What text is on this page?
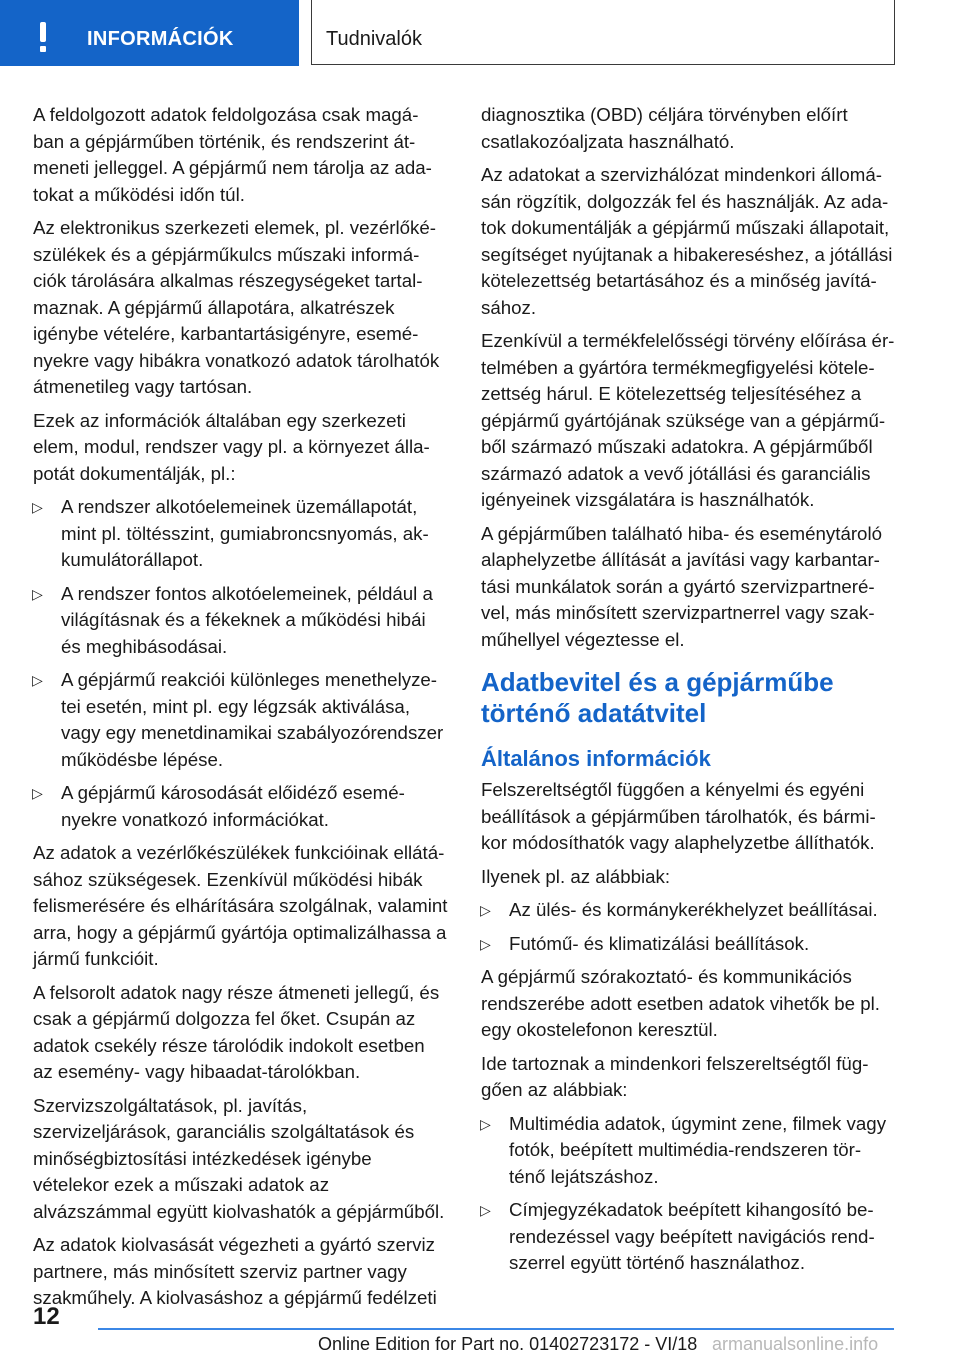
INFORMÁCIÓK	Tudnivalók

A feldolgozott adatok feldolgozása csak magá-ban a gépjárműben történik, és rendszerint át-meneti jelleggel. A gépjármű nem tárolja az ada-tokat a működési időn túl.

Az elektronikus szerkezeti elemek, pl. vezérlőké-szülékek és a gépjárműkulcs műszaki informá-ciók tárolására alkalmas részegységeket tartal-maznak. A gépjármű állapotára, alkatrészek igénybe vételére, karbantartásigényre, esemé-nyekre vagy hibákra vonatkozó adatok tárolhatók átmenetileg vagy tartósan.

Ezek az információk általában egy szerkezeti elem, modul, rendszer vagy pl. a környezet álla-potát dokumentálják, pl.:

▷ A rendszer alkotóelemeinek üzemállapotát, mint pl. töltésszint, gumiabroncsnyomás, ak-kumulátorállapot.
▷ A rendszer fontos alkotóelemeinek, például a világításnak és a fékeknek a működési hibái és meghibásodásai.
▷ A gépjármű reakciói különleges menethelyze-tei esetén, mint pl. egy légzsák aktiválása, vagy egy menetdinamikai szabályozórendszer működésbe lépése.
▷ A gépjármű károsodását előidéző esemé-nyekre vonatkozó információkat.

Az adatok a vezérlőkészülékek funkcióinak ellátá-sához szükségesek. Ezenkívül működési hibák felismerésére és elhárítására szolgálnak, valamint arra, hogy a gépjármű gyártója optimalizálhassa a jármű funkcióit.

A felsorolt adatok nagy része átmeneti jellegű, és csak a gépjármű dolgozza fel őket. Csupán az adatok csekély része tárolódik indokolt esetben az esemény- vagy hibaadat-tárolókban.

Szervizszolgáltatások, pl. javítás, szervizeljárások, garanciális szolgáltatások és minőségbiztosítási intézkedések igénybe vételekor ezek a műszaki adatok az alvázszámmal együtt kiolvashatók a gépjárműből.

Az adatok kiolvasását végezheti a gyártó szerviz partnere, más minősített szerviz partner vagy szakműhely. A kiolvasáshoz a gépjármű fedélzeti

diagnosztika (OBD) céljára törvényben előírt csatlakozóaljzata használható.

Az adatokat a szervizhálózat mindenkori állomá-sán rögzítik, dolgozzák fel és használják. Az ada-tok dokumentálják a gépjármű műszaki állapotait, segítséget nyújtanak a hibakereséshez, a jótállási kötelezettség betartásához és a minőség javítá-sához.

Ezenkívül a termékfelelősségi törvény előírása ér-telmében a gyártóra termékmegfigyelési kötele-zettség hárul. E kötelezettség teljesítéséhez a gépjármű gyártójának szüksége van a gépjármű-ből származó műszaki adatokra. A gépjárműből származó adatok a vevő jótállási és garanciális igényeinek vizsgálatára is használhatók.

A gépjárműben található hiba- és eseménytároló alaphelyzetbe állítását a javítási vagy karbantar-tási munkálatok során a gyártó szervizpartneré-vel, más minősített szervizpartnerrel vagy szak-műhellyel végeztesse el.

Adatbevitel és a gépjárműbe történő adatátvitel
Általános információk

Felszereltségtől függően a kényelmi és egyéni beállítások a gépjárműben tárolhatók, és bármi-kor módosíthatók vagy alaphelyzetbe állíthatók.

Ilyenek pl. az alábbiak:

▷ Az ülés- és kormánykerékhelyzet beállításai.
▷ Futómű- és klimatizálási beállítások.

A gépjármű szórakoztató- és kommunikációs rendszerébe adott esetben adatok vihetők be pl. egy okostelefonon keresztül.

Ide tartoznak a mindenkori felszereltségtől füg-gően az alábbiak:

▷ Multimédia adatok, úgymint zene, filmek vagy fotók, beépített multimédia-rendszeren tör-ténő lejátszáshoz.
▷ Címjegyzékadatok beépített kihangosító be-rendezéssel vagy beépített navigációs rend-szerrel együtt történő használathoz.
12
Online Edition for Part no. 01402723172 - VI/18 armanualsonline.info
